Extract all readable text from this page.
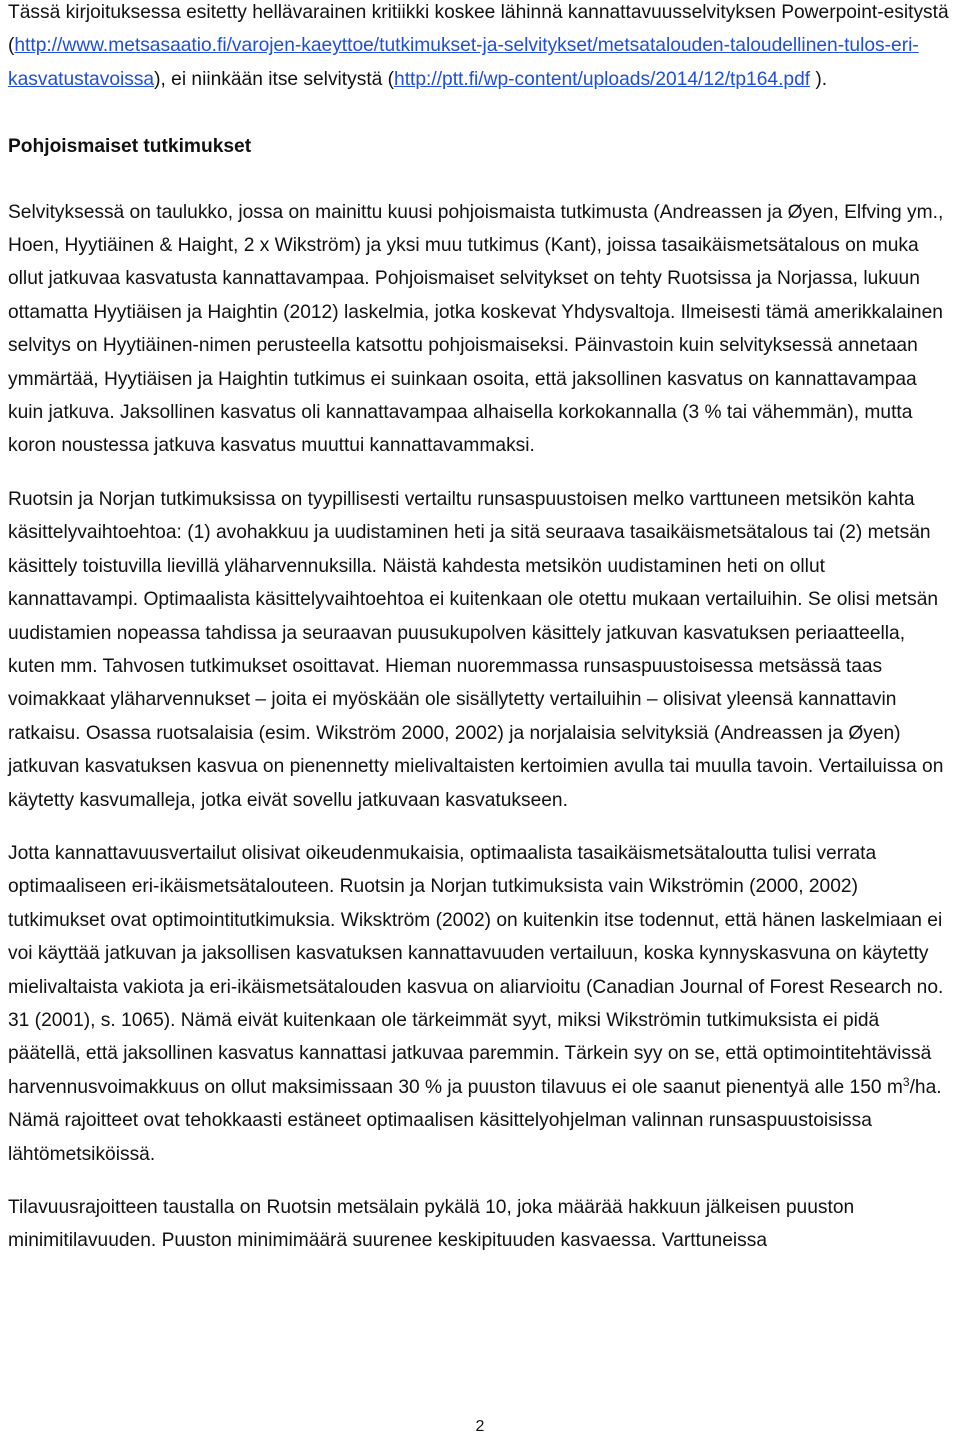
Tässä kirjoituksessa esitetty hellävarainen kritiikki koskee lähinnä kannattavuusselvityksen Powerpoint-esitystä (http://www.metsasaatio.fi/varojen-kaeyttoe/tutkimukset-ja-selvitykset/metsatalouden-taloudellinen-tulos-eri-kasvatustavoissa), ei niinkään itse selvitystä (http://ptt.fi/wp-content/uploads/2014/12/tp164.pdf ).

Pohjoismaiset tutkimukset

Selvityksessä on taulukko, jossa on mainittu kuusi pohjoismaista tutkimusta (Andreassen ja Øyen, Elfving ym., Hoen, Hyytiäinen & Haight, 2 x Wikström) ja yksi muu tutkimus (Kant), joissa tasaikäismetsätalous on muka ollut jatkuvaa kasvatusta kannattavampaa. Pohjoismaiset selvitykset on tehty Ruotsissa ja Norjassa, lukuun ottamatta Hyytiäisen ja Haightin (2012) laskelmia, jotka koskevat Yhdysvaltoja. Ilmeisesti tämä amerikkalainen selvitys on Hyytiäinen-nimen perusteella katsottu pohjoismaiseksi. Päinvastoin kuin selvityksessä annetaan ymmärtää, Hyytiäisen ja Haightin tutkimus ei suinkaan osoita, että jaksollinen kasvatus on kannattavampaa kuin jatkuva. Jaksollinen kasvatus oli kannattavampaa alhaisella korkokannalla (3 % tai vähemmän), mutta koron noustessa jatkuva kasvatus muuttui kannattavammaksi.

Ruotsin ja Norjan tutkimuksissa on tyypillisesti vertailtu runsaspuustoisen melko varttuneen metsikön kahta käsittelyvaihtoehtoa: (1) avohakkuu ja uudistaminen heti ja sitä seuraava tasaikäismetsätalous tai (2) metsän käsittely toistuvilla lievillä yläharvennuksilla. Näistä kahdesta metsikön uudistaminen heti on ollut kannattavampi. Optimaalista käsittelyvaihtoehtoa ei kuitenkaan ole otettu mukaan vertailuihin. Se olisi metsän uudistamien nopeassa tahdissa ja seuraavan puusukupolven käsittely jatkuvan kasvatuksen periaatteella, kuten mm. Tahvosen tutkimukset osoittavat. Hieman nuoremmassa runsaspuustoisessa metsässä taas voimakkaat yläharvennukset – joita ei myöskään ole sisällytetty vertailuihin – olisivat yleensä kannattavin ratkaisu. Osassa ruotsalaisia (esim. Wikström 2000, 2002) ja norjalaisia selvityksiä (Andreassen ja Øyen) jatkuvan kasvatuksen kasvua on pienennetty mielivaltaisten kertoimien avulla tai muulla tavoin. Vertailuissa on käytetty kasvumalleja, jotka eivät sovellu jatkuvaan kasvatukseen.

Jotta kannattavuusvertailut olisivat oikeudenmukaisia, optimaalista tasaikäismetsätaloutta tulisi verrata optimaaliseen eri-ikäismetsätalouteen. Ruotsin ja Norjan tutkimuksista vain Wikströmin (2000, 2002) tutkimukset ovat optimointitutkimuksia. Wiksktröm (2002) on kuitenkin itse todennut, että hänen laskelmiaan ei voi käyttää jatkuvan ja jaksollisen kasvatuksen kannattavuuden vertailuun, koska kynnyskasvuna on käytetty mielivaltaista vakiota ja eri-ikäismetsätalouden kasvua on aliarvioitu (Canadian Journal of Forest Research no. 31 (2001), s. 1065). Nämä eivät kuitenkaan ole tärkeimmät syyt, miksi Wikströmin tutkimuksista ei pidä päätellä, että jaksollinen kasvatus kannattasi jatkuvaa paremmin. Tärkein syy on se, että optimointitehtävissä harvennusvoimakkuus on ollut maksimissaan 30 % ja puuston tilavuus ei ole saanut pienentyä alle 150 $m^3/ha$. Nämä rajoitteet ovat tehokkaasti estäneet optimaalisen käsittelyohjelman valinnan runsaspuustoisissa lähtömetsiköissä.

Tilavuusrajoitteen taustalla on Ruotsin metsälain pykälä 10, joka määrää hakkuun jälkeisen puuston minimitilavuuden. Puuston minimimäärä suurenee keskipituuden kasvaessa. Varttuneissa

2
